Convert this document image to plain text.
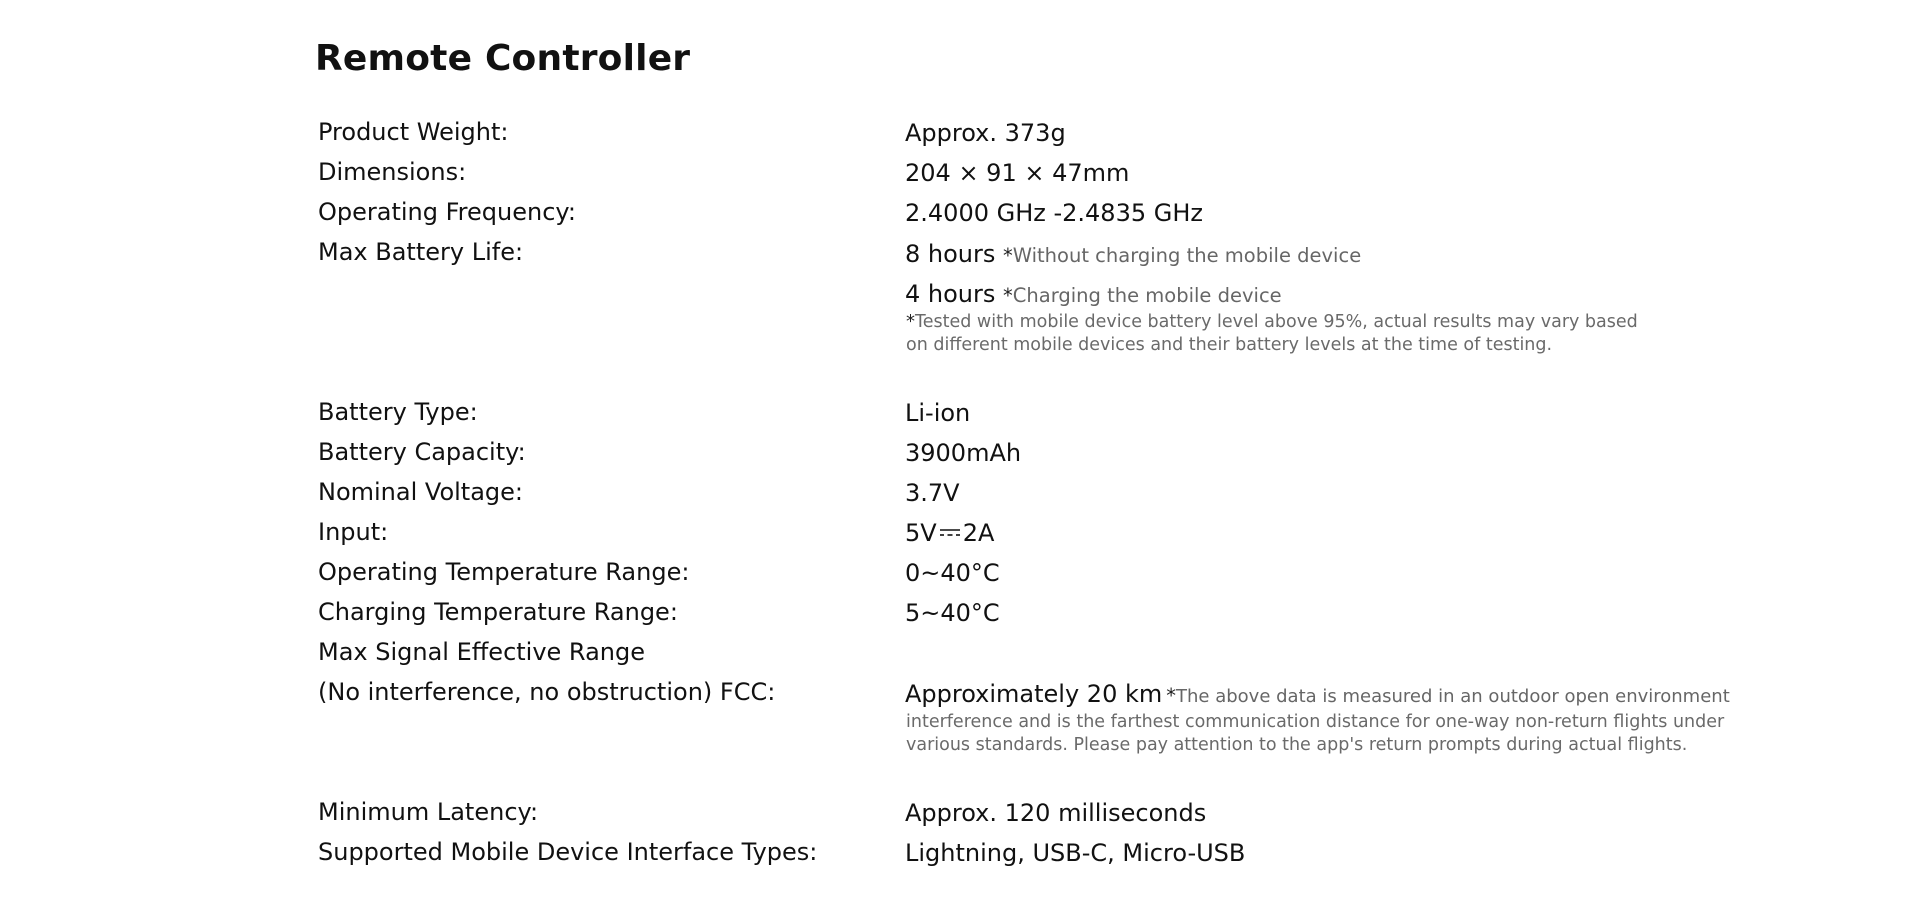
Remote Controller
Product Weight:	Approx. 373g
Dimensions:	204 × 91 × 47mm
Operating Frequency:	2.4000 GHz -2.4835 GHz
Max Battery Life:	8 hours *Without charging the mobile device
4 hours *Charging the mobile device
*Tested with mobile device battery level above 95%, actual results may vary based
on different mobile devices and their battery levels at the time of testing.
Battery Type:	Li-ion
Battery Capacity:	3900mAh
Nominal Voltage:	3.7V
Input:	5V 2A
Operating Temperature Range:	0~40°C
Charging Temperature Range:	5~40°C
Max Signal Effective Range
(No interference, no obstruction) FCC:	Approximately 20 km *The above data is measured in an outdoor open environment
interference and is the farthest communication distance for one-way non-return flights under
various standards. Please pay attention to the app's return prompts during actual flights.
Minimum Latency:	Approx. 120 milliseconds
Supported Mobile Device Interface Types:	Lightning, USB-C, Micro-USB
